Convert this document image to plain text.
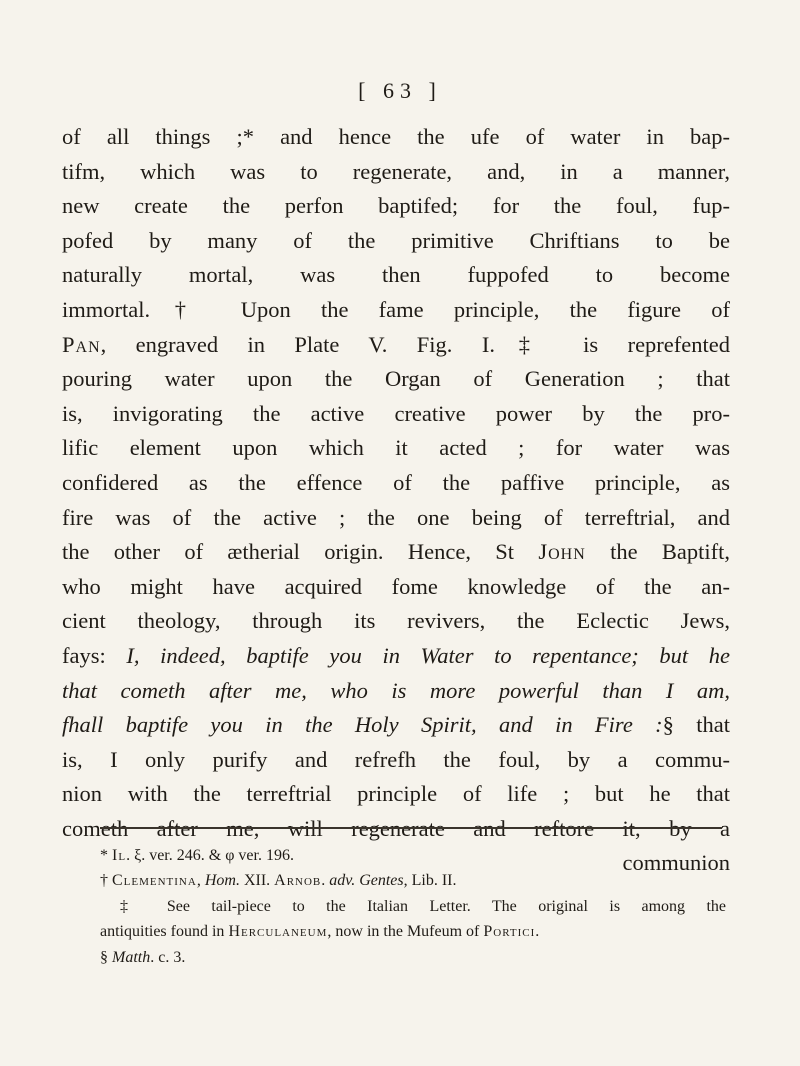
[ 63 ]
of all things ;* and hence the ufe of water in bap-
tifm, which was to regenerate, and, in a manner,
new create the perfon baptifed; for the foul, fup-
pofed by many of the primitive Chriftians to be
naturally mortal, was then fuppofed to become
immortal.† Upon the fame principle, the figure of
Pan, engraved in Plate V. Fig. I.‡ is reprefented
pouring water upon the Organ of Generation ; that
is, invigorating the active creative power by the pro-
lific element upon which it acted ; for water was
confidered as the effence of the paffive principle, as
fire was of the active ; the one being of terreftrial, and
the other of ætherial origin. Hence, St John the Baptift,
who might have acquired fome knowledge of the an-
cient theology, through its revivers, the Eclectic Jews,
fays: I, indeed, baptife you in Water to repentance; but he
that cometh after me, who is more powerful than I am,
fhall baptife you in the Holy Spirit, and in Fire :§ that
is, I only purify and refrefh the foul, by a commu-
nion with the terreftrial principle of life ; but he that
cometh after me, will regenerate and reftore it, by a
communion
* Il. ξ. ver. 246. & φ ver. 196.
† Clementina, Hom. XII. Arnob. adv. Gentes, Lib. II.
‡ See tail-piece to the Italian Letter. The original is among the
antiquities found in Herculaneum, now in the Mufeum of Portici.
§ Matth. c. 3.
